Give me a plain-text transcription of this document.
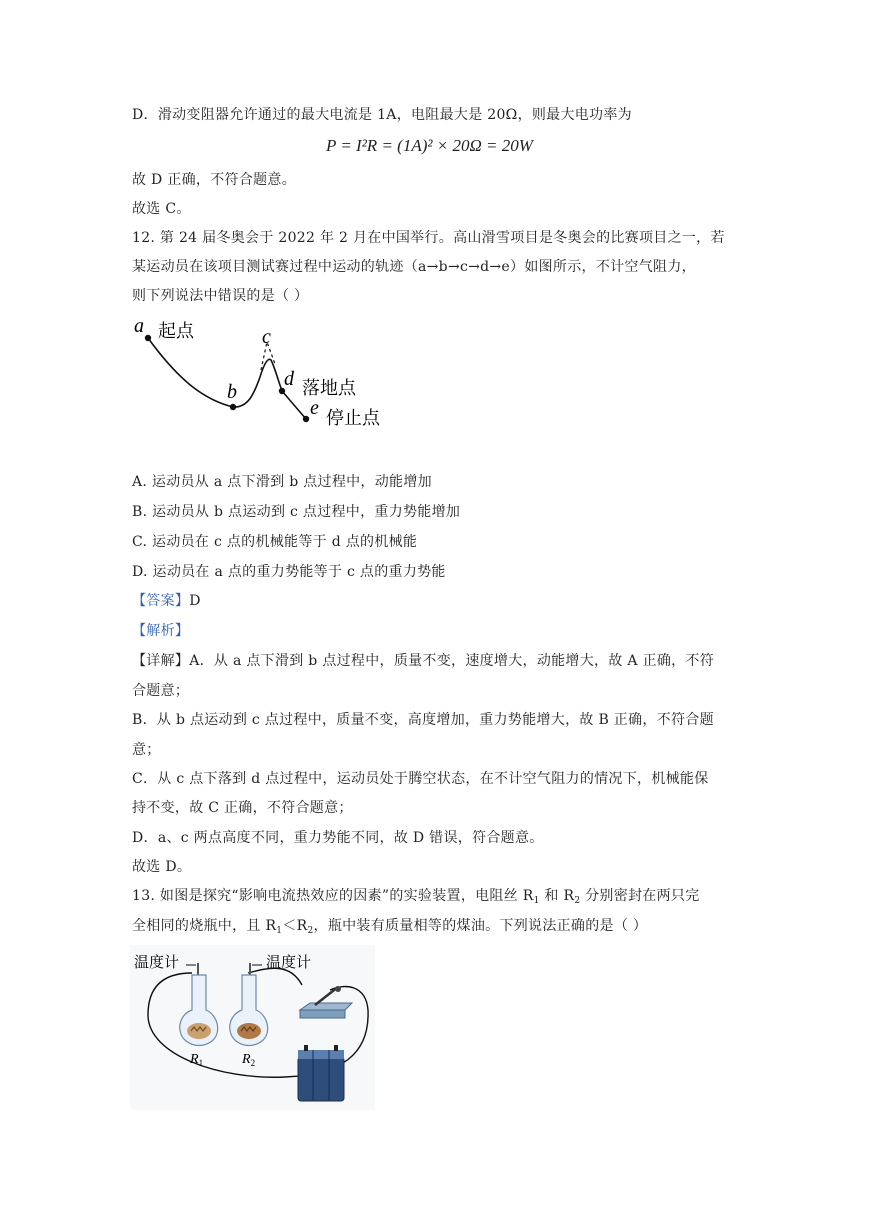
D．滑动变阻器允许通过的最大电流是 1A，电阻最大是 20Ω，则最大电功率为
P = I²R = (1A)² × 20Ω = 20W
故 D 正确，不符合题意。
故选 C。
12. 第 24 届冬奥会于 2022 年 2 月在中国举行。高山滑雪项目是冬奥会的比赛项目之一，若
某运动员在该项目测试赛过程中运动的轨迹（a→b→c→d→e）如图所示，不计空气阻力，
则下列说法中错误的是（ ）
a 起点
b
c
d 落地点
e 停止点
A. 运动员从 a 点下滑到 b 点过程中，动能增加
B. 运动员从 b 点运动到 c 点过程中，重力势能增加
C. 运动员在 c 点的机械能等于 d 点的机械能
D. 运动员在 a 点的重力势能等于 c 点的重力势能
【答案】D
【解析】
【详解】A．从 a 点下滑到 b 点过程中，质量不变，速度增大，动能增大，故 A 正确，不符
合题意；
B．从 b 点运动到 c 点过程中，质量不变，高度增加，重力势能增大，故 B 正确，不符合题
意；
C．从 c 点下落到 d 点过程中，运动员处于腾空状态，在不计空气阻力的情况下，机械能保
持不变，故 C 正确，不符合题意；
D．a、c 两点高度不同，重力势能不同，故 D 错误，符合题意。
故选 D。
13. 如图是探究“影响电流热效应的因素”的实验装置，电阻丝 $R_1$ 和 $R_2$ 分别密封在两只完
全相同的烧瓶中，且 $R_1<R_2$，瓶中装有质量相等的煤油。下列说法正确的是（ ）
温度计	温度计
$R_1$	$R_2$
